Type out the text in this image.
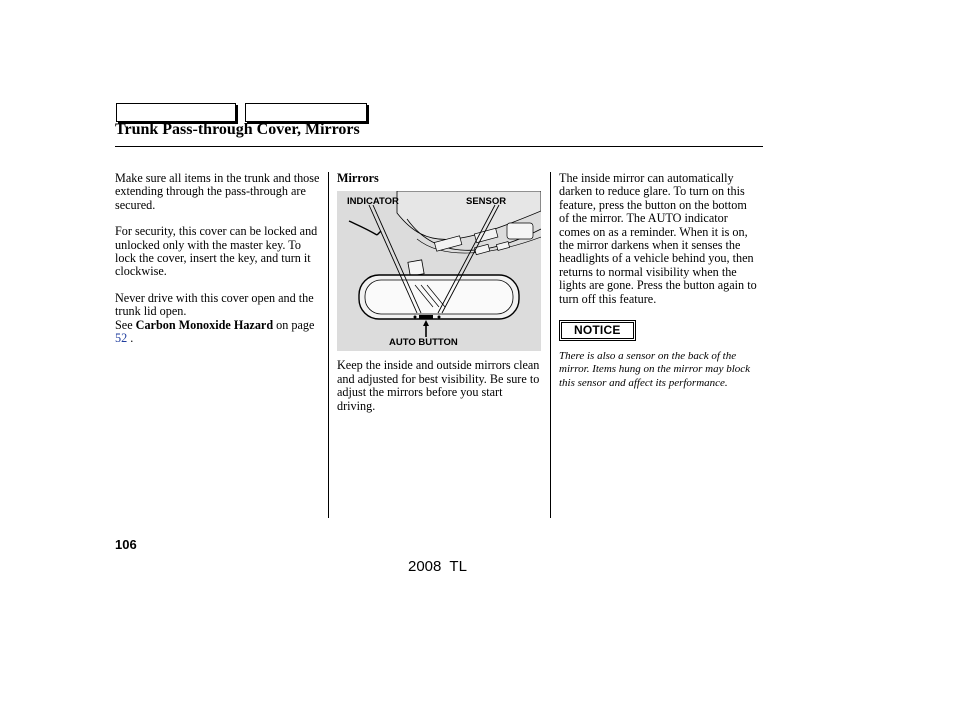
Trunk Pass-through Cover, Mirrors

Make sure all items in the trunk and those extending through the pass-through are secured.

For security, this cover can be locked and unlocked only with the master key. To lock the cover, insert the key, and turn it clockwise.

Never drive with this cover open and the trunk lid open.

See Carbon Monoxide Hazard on page 52 .

Mirrors

INDICATOR	SENSOR
AUTO BUTTON

Keep the inside and outside mirrors clean and adjusted for best visibility. Be sure to adjust the mirrors before you start driving.

The inside mirror can automatically darken to reduce glare. To turn on this feature, press the button on the bottom of the mirror. The AUTO indicator comes on as a reminder. When it is on, the mirror darkens when it senses the headlights of a vehicle behind you, then returns to normal visibility when the lights are gone. Press the button again to turn off this feature.

NOTICE

There is also a sensor on the back of the mirror. Items hung on the mirror may block this sensor and affect its performance.

106
2008  TL
